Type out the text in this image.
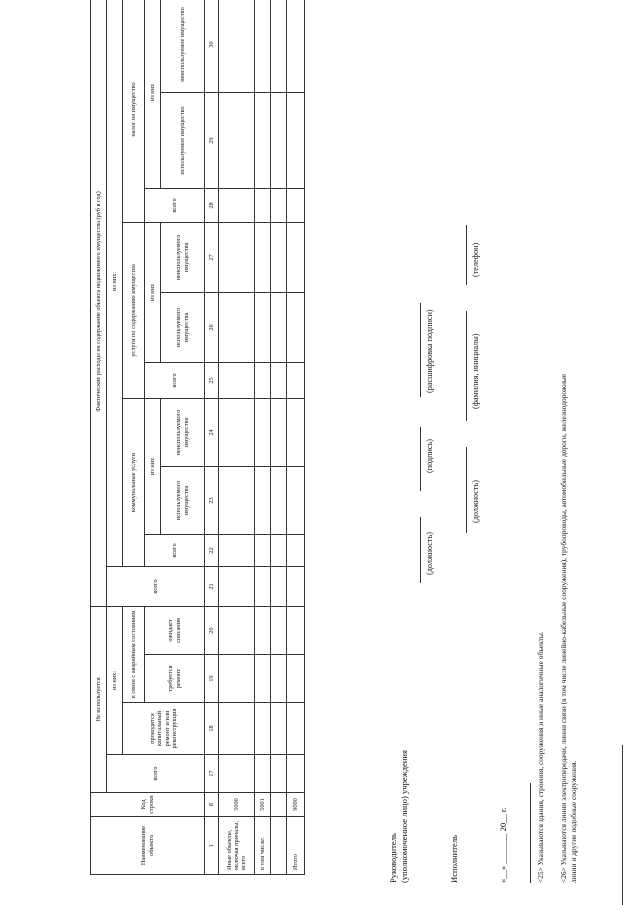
Наименование объекта	Код строки	Не используется				Фактические расходы на содержание объекта недвижимого имущества (руб в год)									
		всего	из них:			всего	из них:								
			проводится капитальный ремонт и/или реконструкция	в связи с аварийным состоянием			коммунальные услуги			услуги по содержанию имущества			налог на имущество		
				требуется ремонт	ожидает списания		всего	из них		всего	из них		всего	из них	
								используемого имущества	неиспользуемого имущества		используемого имущества	неиспользуемого имущества		используемое имущество	неиспользуемое имущество
1	8	17	18	19	20	21	22	23	24	25	26	27	28	29	30
Иные объекты, включая причалы, всего	5000														
в том числе:	5001														

Итого	9000														
Руководитель (уполномоченное лицо) учреждения
(должность)
(подпись)
(расшифровка подписи)
Исполнитель
(должность)
(фамилия, инициалы)
(телефон)
«__» _______ 20__ г.	<25> Указываются здания, строения, сооружения и иные аналогичные объекты. <26> Указываются линии электропередачи, линии связи (в том числе линейно-кабельные сооружения), трубопроводы, автомобильные дороги, железнодорожные линии и другие подобные сооружения.
